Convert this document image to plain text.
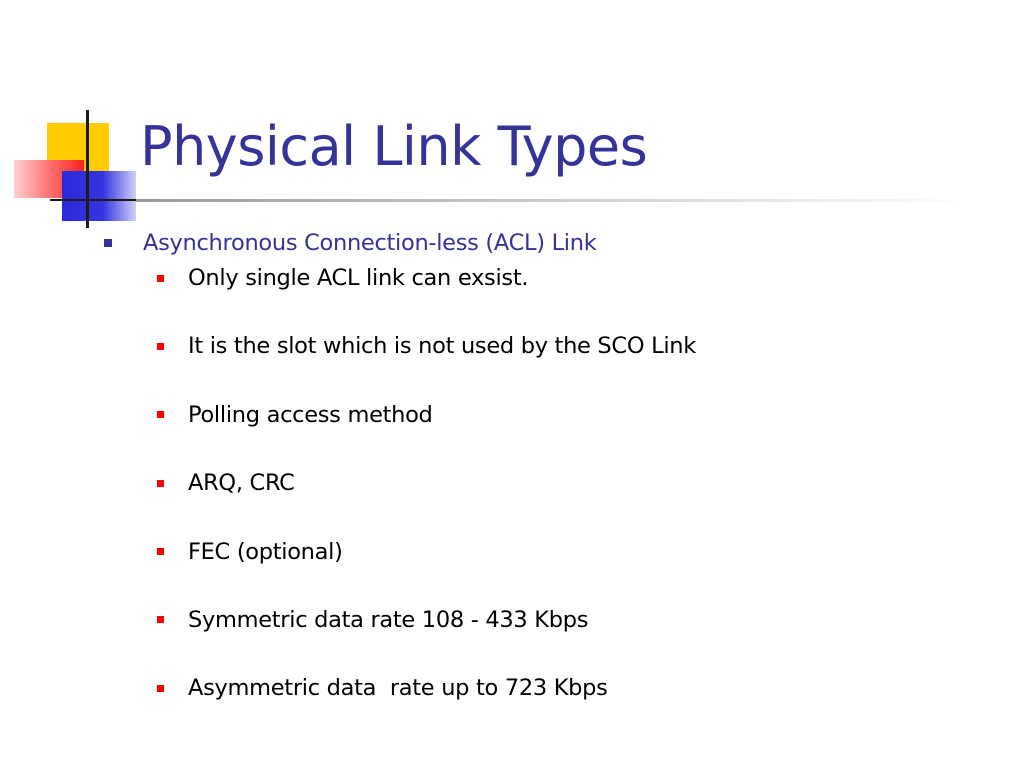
Physical Link Types
Asynchronous Connection-less (ACL) Link
Only single ACL link can exsist.
It is the slot which is not used by the SCO Link
Polling access method
ARQ, CRC
FEC (optional)
Symmetric data rate 108 - 433 Kbps
Asymmetric data  rate up to 723 Kbps
